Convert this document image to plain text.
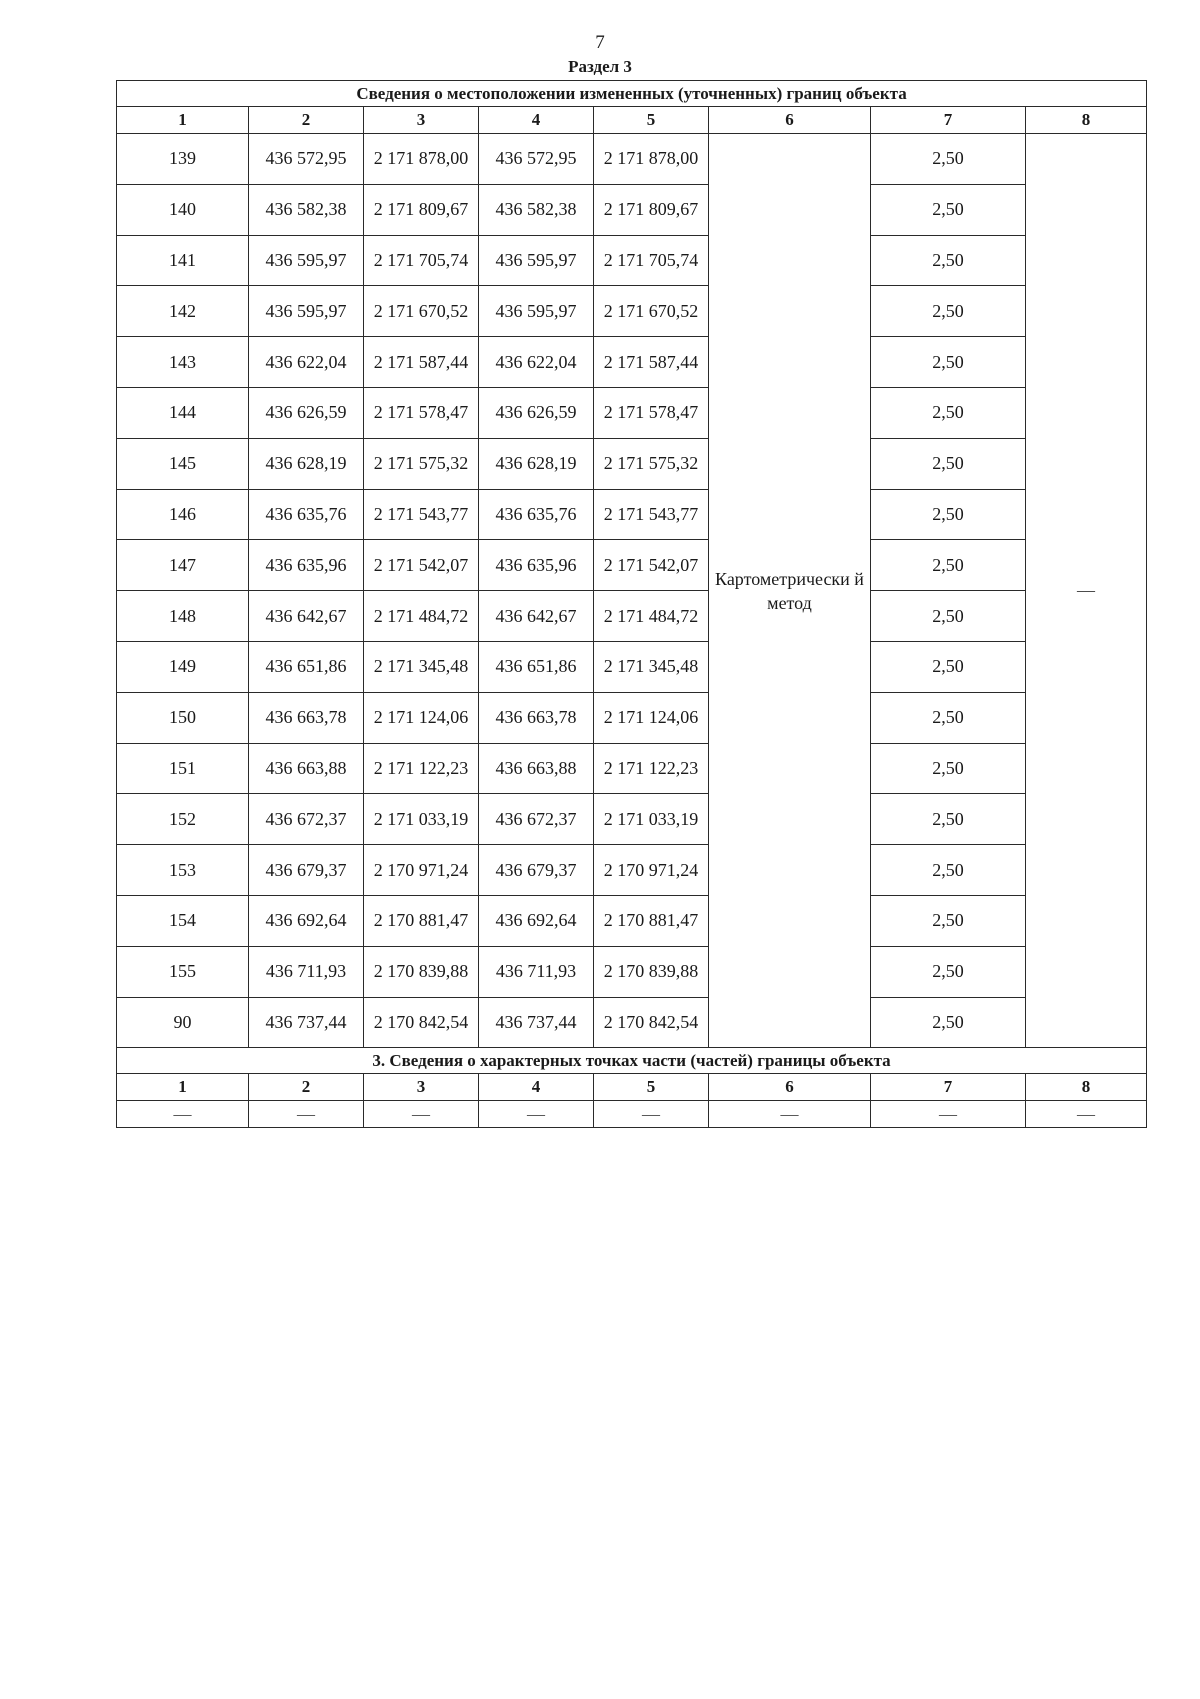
7
Раздел 3
Сведения о местоположении измененных (уточненных) границ объекта							
1	2	3	4	5	6	7	8
139	436 572,95	2 171 878,00	436 572,95	2 171 878,00	Картометрически й метод	2,50	—
140	436 582,38	2 171 809,67	436 582,38	2 171 809,67		2,50	
141	436 595,97	2 171 705,74	436 595,97	2 171 705,74		2,50	
142	436 595,97	2 171 670,52	436 595,97	2 171 670,52		2,50	
143	436 622,04	2 171 587,44	436 622,04	2 171 587,44		2,50	
144	436 626,59	2 171 578,47	436 626,59	2 171 578,47		2,50	
145	436 628,19	2 171 575,32	436 628,19	2 171 575,32		2,50	
146	436 635,76	2 171 543,77	436 635,76	2 171 543,77		2,50	
147	436 635,96	2 171 542,07	436 635,96	2 171 542,07		2,50	
148	436 642,67	2 171 484,72	436 642,67	2 171 484,72		2,50	
149	436 651,86	2 171 345,48	436 651,86	2 171 345,48		2,50	
150	436 663,78	2 171 124,06	436 663,78	2 171 124,06		2,50	
151	436 663,88	2 171 122,23	436 663,88	2 171 122,23		2,50	
152	436 672,37	2 171 033,19	436 672,37	2 171 033,19		2,50	
153	436 679,37	2 170 971,24	436 679,37	2 170 971,24		2,50	
154	436 692,64	2 170 881,47	436 692,64	2 170 881,47		2,50	
155	436 711,93	2 170 839,88	436 711,93	2 170 839,88		2,50	
90	436 737,44	2 170 842,54	436 737,44	2 170 842,54		2,50	
3. Сведения о характерных точках части (частей) границы объекта							
1	2	3	4	5	6	7	8
—	—	—	—	—	—	—	—
